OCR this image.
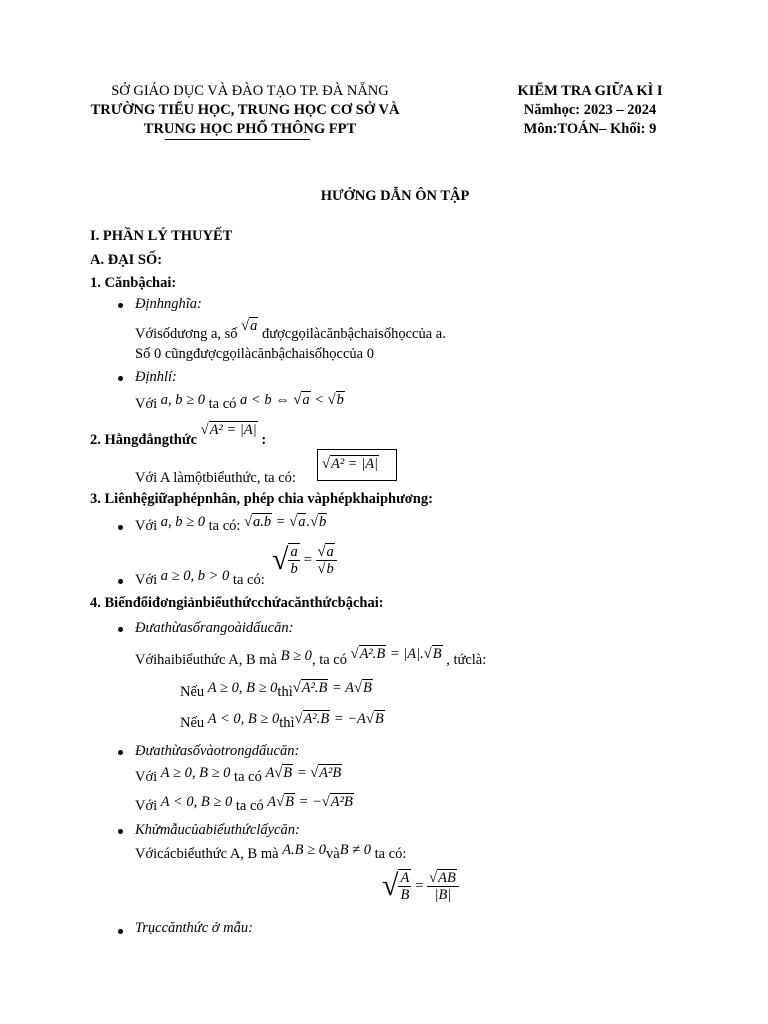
SỞ GIÁO DỤC VÀ ĐÀO TẠO TP. ĐÀ NẴNG
TRƯỜNG TIỂU HỌC, TRUNG HỌC CƠ SỞ VÀ
TRUNG HỌC PHỔ THÔNG FPT
KIỂM TRA GIỮA KÌ I
Nămhọc: 2023 – 2024
Môn:TOÁN– Khối: 9
HƯỚNG DẪN ÔN TẬP
I. PHẦN LÝ THUYẾT
A. ĐẠI SỐ:
1. Cănbậchai:
Địnhnghĩa:
Vớisốdương a, số √a đượcgọilàcănbậchaisốhọccủa a.
Số 0 cũngđượcgọilàcănbậchaisốhọccủa 0
Địnhlí:
Với a, b ≥ 0 ta có a < b ⇔ √a < √b
2. Hằngđẳngthức √A² = |A| :
Với A làmộtbiểuthức, ta có:
√A² = |A|
3. Liênhệgiữaphépnhân, phép chia vàphépkhaiphương:
Với a, b ≥ 0 ta có: √a.b = √a.√b
Với a ≥ 0, b > 0 ta có:
√ $\frac{a}{b} = \frac{√a}{√b}$
4. Biếnđổiđơngiảnbiểuthứcchứacănthứcbậchai:
Đưathừasốrangoàidấucăn:
Vớihaibiểuthức A, B mà B ≥ 0, ta có √A².B = |A|.√B , tứclà:
Nếu A ≥ 0, B ≥ 0thì√A².B = A√B
Nếu A < 0, B ≥ 0thì√A².B = −A√B
Đưathừasốvàotrongdấucăn:
Với A ≥ 0, B ≥ 0 ta có A√B = √A²B
Với A < 0, B ≥ 0 ta có A√B = −√A²B
Khửmẫucủabiểuthứclấycăn:
Vớicácbiểuthức A, B mà A.B ≥ 0vàB ≠ 0 ta có:
√ $\frac{A}{B} = \frac{√AB}{|B|}$
Trụccănthức ở mẫu:
